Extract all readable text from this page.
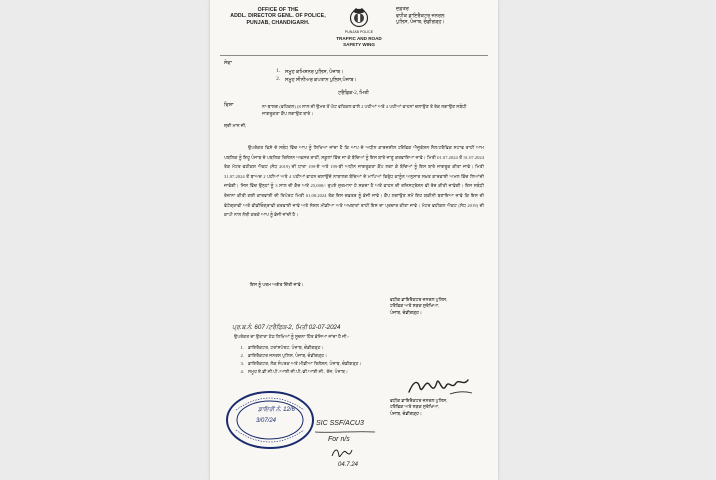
OFFICE OF THE
ADDL. DIRECTOR GENL. OF POLICE,
PUNJAB, CHANDIGARH.
PUNJAB POLICE
TRAFFIC AND ROAD
SAFETY WING
ਦਫ਼ਤਰ
ਵਧੀਕ ਡਾਇਰੈਕਟਰ ਜਨਰਲ
ਪੁਲਿਸ, ਪੰਜਾਬ, ਚੰਡੀਗੜ੍ਹ।
ਸੇਵਾ
1. ਸਮੂਹ ਕਮਿਸ਼ਨਰ ਪੁਲਿਸ, ਪੰਜਾਬ।
2. ਸਮੂਹ ਸੀਨੀਅਰ ਕਪਤਾਨ ਪੁਲਿਸ,ਪੰਜਾਬ।
ਟਰੈਫਿਕ-2, ਮਿਤੀ
ਵਿਸ਼ਾ	ਨਾ-ਬਾਲਗ (ਵਹਿਕਲ) (8 ਸਾਲ ਦੀ ਉਮਰ ਤੋਂ ਘੱਟ ਵਹਿਕਲ ਵਾਲੇ 2 ਪਹੀਆਂ ਅਤੇ 4 ਪਹੀਆਂ ਵਾਹਨਾਂ ਚਲਾਉਣ ਤੇ ਰੋਕ ਲਗਾਉਣ ਸਬੰਧੀ ਜਾਗਰੂਕਤਾ ਕੈਂਪ ਲਗਾਉਣ ਬਾਰੇ।
ਸ਼੍ਰੀ ਮਾਨ ਜੀ,
ਉਪਰੋਕਤ ਵਿਸ਼ੇ ਦੇ ਸਬੰਧ ਵਿੱਚ ਆਪ ਨੂੰ ਲਿਖਿਆ ਜਾਂਦਾ ਹੈ ਕਿ ਆਪ ਦੇ ਅਧੀਨ ਕਾਰਜਸ਼ੀਲ ਟਰੈਫਿਕ ਐਜੂਕੇਸ਼ਨ ਸੈਲ/ਟਰੈਫਿਕ ਸਟਾਫ ਰਾਹੀਂ ਆਮ ਪਬਲਿਕ ਨੂੰ ਇਹੂ ਪੰਜਾਬ ਦੇ ਪਬਲਿਕ ਰਿਲੇਸ਼ਨ ਅਫਸਰ ਰਾਹੀਂ, ਸਕੂਲਾਂ ਵਿੱਚ ਜਾ ਕੇ ਬੱਚਿਆਂ ਨੂੰ ਇਸ ਬਾਰੇ ਜਾਣੂ ਕਰਵਾਇਆ ਜਾਵੇ। ਮਿਤੀ 01.07.2024 ਤੋਂ 31.07.2024 ਤੱਕ ਮੋਟਰ ਵਹੀਕਲ ਐਕਟ (ਸੋਧ 2019) ਦੀ ਧਾਰਾ 199-ਏ ਅਤੇ 199-ਬੀ ਅਧੀਨ ਜਾਗਰੂਕਤਾ ਕੈਂਪ ਲਗਾ ਕੇ ਬੱਚਿਆਂ ਨੂੰ ਇਸ ਬਾਰੇ ਜਾਗਰੂਕ ਕੀਤਾ ਜਾਵੇ। ਮਿਤੀ 31.07.2024 ਤੋਂ ਬਾਅਦ 2 ਪਹੀਆਂ ਅਤੇ 4 ਪਹੀਆਂ ਵਾਹਨ ਚਲਾਉਂਦੇ ਨਾਬਾਲਗ ਬੱਚਿਆਂ ਦੇ ਮਾਪਿਆਂ ਵਿਰੁੱਧ ਕਾਨੂੰਨ ਅਨੁਸਾਰ ਸਖ਼ਤ ਕਾਰਵਾਈ ਅਮਲ ਵਿੱਚ ਲਿਆਂਦੀ ਜਾਵੇਗੀ। ਜਿਸ ਵਿੱਚ ਉਨ੍ਹਾਂ ਨੂੰ 3 ਸਾਲ ਦੀ ਕੈਦ ਅਤੇ 25,000/- ਰੁਪਏ ਜੁਰਮਾਨਾ ਹੋ ਸਕਦਾ ਹੈ ਅਤੇ ਵਾਹਨ ਦੀ ਰਜਿਸਟ੍ਰੇਸ਼ਨ ਵੀ ਰੱਦ ਕੀਤੀ ਜਾਵੇਗੀ। ਇਸ ਸਬੰਧੀ ਰੋਜ਼ਾਨਾ ਕੀਤੀ ਗਈ ਕਾਰਵਾਈ ਦੀ ਰਿਪੋਰਟ ਮਿਤੀ 01.08.2024 ਤੱਕ ਇਸ ਦਫ਼ਤਰ ਨੂੰ ਭੇਜੀ ਜਾਵੇ। ਕੈਂਪ ਲਗਾਉਣ ਸਮੇਂ ਇਹ ਯਕੀਨੀ ਬਣਾਇਆ ਜਾਵੇ ਕਿ ਇਸ ਦੀ ਫੋਟੋਗ੍ਰਾਫੀ ਅਤੇ ਵੀਡੀਓਗ੍ਰਾਫੀ ਕਰਵਾਈ ਜਾਵੇ ਅਤੇ ਸੋਸ਼ਲ ਮੀਡੀਆ ਅਤੇ ਅਖਬਾਰਾਂ ਰਾਹੀਂ ਇਸ ਦਾ ਪ੍ਰਚਾਰ ਕੀਤਾ ਜਾਵੇ। ਮੋਟਰ ਵਹੀਕਲ ਐਕਟ (ਸੋਧ 2019) ਦੀ ਕਾਪੀ ਨਾਲ ਨੱਥੀ ਕਰਕੇ ਆਪ ਨੂੰ ਭੇਜੀ ਜਾਂਦੀ ਹੈ।
ਇਸ ਨੂੰ ਪਰਮ ਅਗੇਤ ਦਿੱਤੀ ਜਾਵੇ।
ਵਧੀਕ ਡਾਇਰੈਕਟਰ ਜਨਰਲ ਪੁਲਿਸ,
ਟਰੈਫਿਕ ਅਤੇ ਸੜਕ ਸੁਰੱਖਿਆ,
ਪੰਜਾਬ, ਚੰਡੀਗੜ੍ਹ।
ਪ੍ਰ.ਬ.ਨੰ. 607 /ਟਰੈਫਿਕ-2, ਮਿਤੀ 02-07-2024
ਉਪਰੋਕਤ ਦਾ ਉਤਾਰਾ ਹੇਠ ਲਿਖਿਆਂ ਨੂੰ ਸੂਚਨਾ ਹਿੱਤ ਭੇਜਿਆ ਜਾਂਦਾ ਹੈ ਜੀ:-
1. ਡਾਇਰੈਕਟਰ, ਟਰਾਂਸਪੋਰਟ, ਪੰਜਾਬ, ਚੰਡੀਗੜ੍ਹ।
2. ਡਾਇਰੈਕਟਰ ਜਨਰਲ ਪੁਲਿਸ, ਪੰਜਾਬ, ਚੰਡੀਗੜ੍ਹ।
3. ਡਾਇਰੈਕਟਰ, ਲੋਕ ਸੰਪਰਕ ਅਤੇ ਮੀਡੀਆ ਰਿਲੇਸ਼ਨ, ਪੰਜਾਬ, ਚੰਡੀਗੜ੍ਹ।
4. ਸਮੂਹ ਏ.ਡੀ.ਜੀ.ਪੀ./ਆਈ.ਜੀ.ਪੀ./ਡੀ.ਆਈ.ਜੀ., ਰੇਂਜ, ਪੰਜਾਬ।
ਵਧੀਕ ਡਾਇਰੈਕਟਰ ਜਨਰਲ ਪੁਲਿਸ,
ਟਰੈਫਿਕ ਅਤੇ ਸੜਕ ਸੁਰੱਖਿਆ,
ਪੰਜਾਬ, ਚੰਡੀਗੜ੍ਹ।
ਡਾਇਰੀ ਨੰ. 12/6
3/07/24	SIC SSF/ACU3
For n/s
04.7.24
